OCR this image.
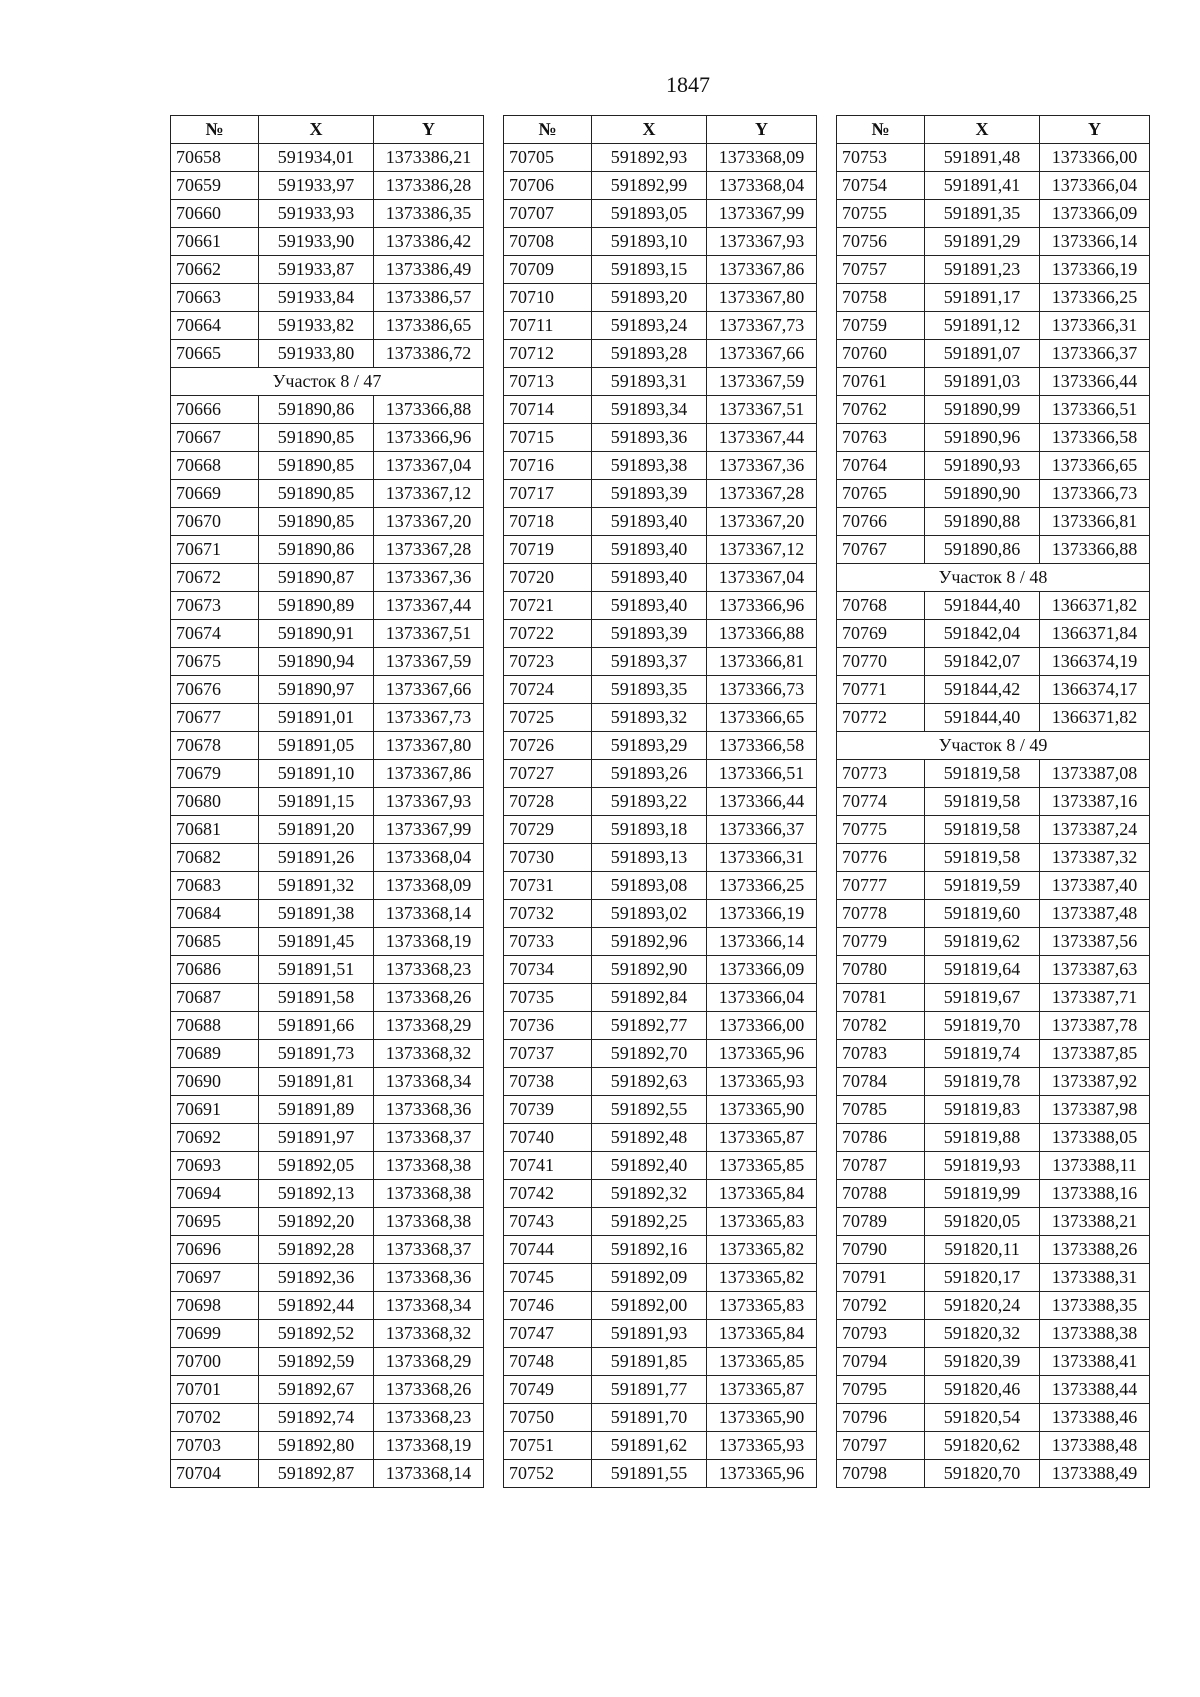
1847
№	X	Y
70658	591934,01	1373386,21
70659	591933,97	1373386,28
70660	591933,93	1373386,35
70661	591933,90	1373386,42
70662	591933,87	1373386,49
70663	591933,84	1373386,57
70664	591933,82	1373386,65
70665	591933,80	1373386,72
Участок 8 / 47		
70666	591890,86	1373366,88
70667	591890,85	1373366,96
70668	591890,85	1373367,04
70669	591890,85	1373367,12
70670	591890,85	1373367,20
70671	591890,86	1373367,28
70672	591890,87	1373367,36
70673	591890,89	1373367,44
70674	591890,91	1373367,51
70675	591890,94	1373367,59
70676	591890,97	1373367,66
70677	591891,01	1373367,73
70678	591891,05	1373367,80
70679	591891,10	1373367,86
70680	591891,15	1373367,93
70681	591891,20	1373367,99
70682	591891,26	1373368,04
70683	591891,32	1373368,09
70684	591891,38	1373368,14
70685	591891,45	1373368,19
70686	591891,51	1373368,23
70687	591891,58	1373368,26
70688	591891,66	1373368,29
70689	591891,73	1373368,32
70690	591891,81	1373368,34
70691	591891,89	1373368,36
70692	591891,97	1373368,37
70693	591892,05	1373368,38
70694	591892,13	1373368,38
70695	591892,20	1373368,38
70696	591892,28	1373368,37
70697	591892,36	1373368,36
70698	591892,44	1373368,34
70699	591892,52	1373368,32
70700	591892,59	1373368,29
70701	591892,67	1373368,26
70702	591892,74	1373368,23
70703	591892,80	1373368,19
70704	591892,87	1373368,14
№	X	Y
70705	591892,93	1373368,09
70706	591892,99	1373368,04
70707	591893,05	1373367,99
70708	591893,10	1373367,93
70709	591893,15	1373367,86
70710	591893,20	1373367,80
70711	591893,24	1373367,73
70712	591893,28	1373367,66
70713	591893,31	1373367,59
70714	591893,34	1373367,51
70715	591893,36	1373367,44
70716	591893,38	1373367,36
70717	591893,39	1373367,28
70718	591893,40	1373367,20
70719	591893,40	1373367,12
70720	591893,40	1373367,04
70721	591893,40	1373366,96
70722	591893,39	1373366,88
70723	591893,37	1373366,81
70724	591893,35	1373366,73
70725	591893,32	1373366,65
70726	591893,29	1373366,58
70727	591893,26	1373366,51
70728	591893,22	1373366,44
70729	591893,18	1373366,37
70730	591893,13	1373366,31
70731	591893,08	1373366,25
70732	591893,02	1373366,19
70733	591892,96	1373366,14
70734	591892,90	1373366,09
70735	591892,84	1373366,04
70736	591892,77	1373366,00
70737	591892,70	1373365,96
70738	591892,63	1373365,93
70739	591892,55	1373365,90
70740	591892,48	1373365,87
70741	591892,40	1373365,85
70742	591892,32	1373365,84
70743	591892,25	1373365,83
70744	591892,16	1373365,82
70745	591892,09	1373365,82
70746	591892,00	1373365,83
70747	591891,93	1373365,84
70748	591891,85	1373365,85
70749	591891,77	1373365,87
70750	591891,70	1373365,90
70751	591891,62	1373365,93
70752	591891,55	1373365,96
№	X	Y
70753	591891,48	1373366,00
70754	591891,41	1373366,04
70755	591891,35	1373366,09
70756	591891,29	1373366,14
70757	591891,23	1373366,19
70758	591891,17	1373366,25
70759	591891,12	1373366,31
70760	591891,07	1373366,37
70761	591891,03	1373366,44
70762	591890,99	1373366,51
70763	591890,96	1373366,58
70764	591890,93	1373366,65
70765	591890,90	1373366,73
70766	591890,88	1373366,81
70767	591890,86	1373366,88
Участок 8 / 48		
70768	591844,40	1366371,82
70769	591842,04	1366371,84
70770	591842,07	1366374,19
70771	591844,42	1366374,17
70772	591844,40	1366371,82
Участок 8 / 49		
70773	591819,58	1373387,08
70774	591819,58	1373387,16
70775	591819,58	1373387,24
70776	591819,58	1373387,32
70777	591819,59	1373387,40
70778	591819,60	1373387,48
70779	591819,62	1373387,56
70780	591819,64	1373387,63
70781	591819,67	1373387,71
70782	591819,70	1373387,78
70783	591819,74	1373387,85
70784	591819,78	1373387,92
70785	591819,83	1373387,98
70786	591819,88	1373388,05
70787	591819,93	1373388,11
70788	591819,99	1373388,16
70789	591820,05	1373388,21
70790	591820,11	1373388,26
70791	591820,17	1373388,31
70792	591820,24	1373388,35
70793	591820,32	1373388,38
70794	591820,39	1373388,41
70795	591820,46	1373388,44
70796	591820,54	1373388,46
70797	591820,62	1373388,48
70798	591820,70	1373388,49
